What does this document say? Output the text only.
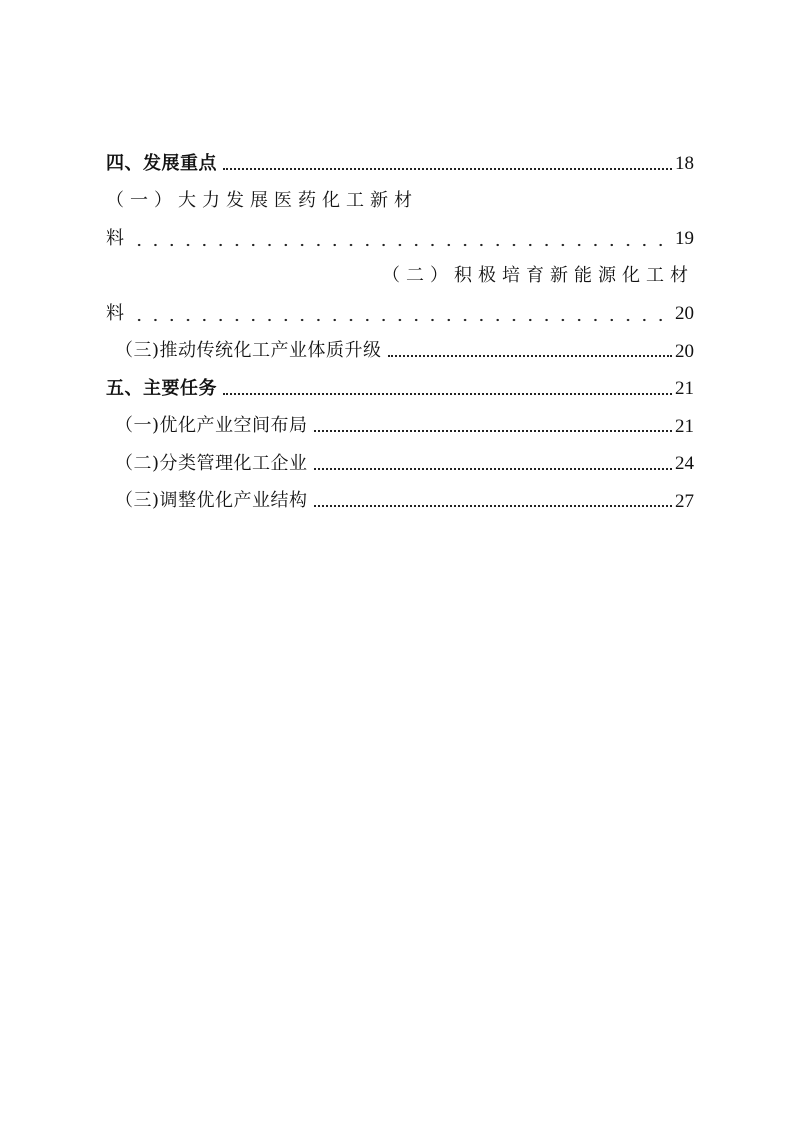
四、发展重点	18
（一）大力发展医药化工新材
料	19
（二）积极培育新能源化工材
料	20
（三)推动传统化工产业体质升级	20
五、主要任务	21
（一)优化产业空间布局	21
（二)分类管理化工企业	24
（三)调整优化产业结构	27
